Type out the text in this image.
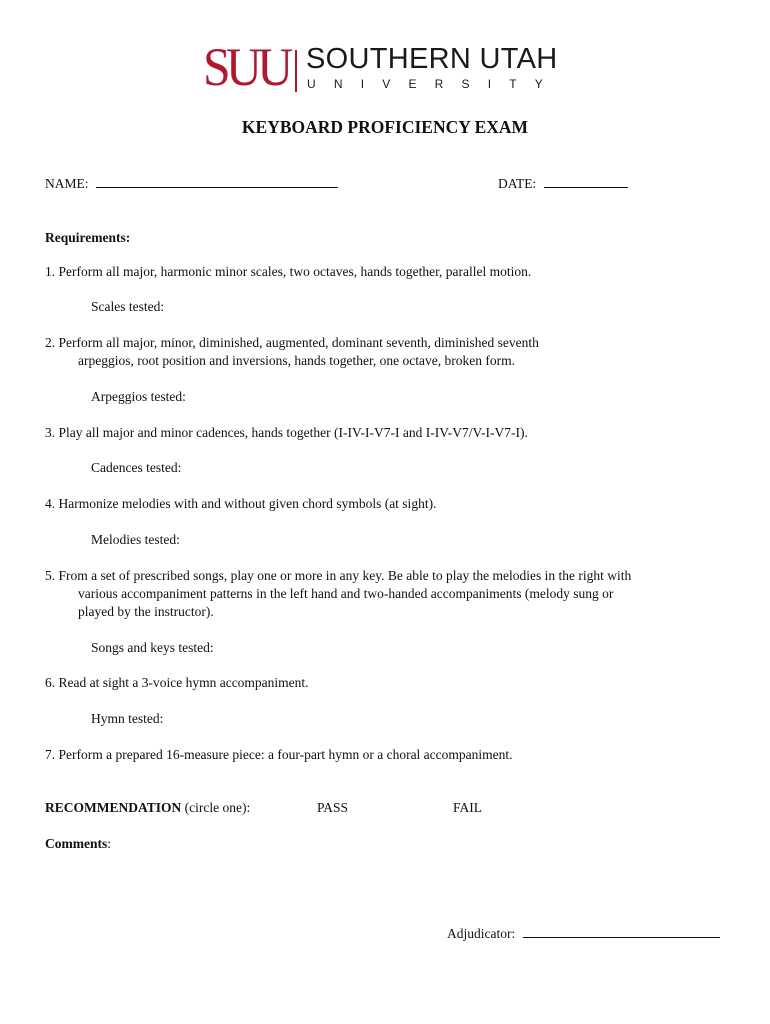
SUU SOUTHERN UTAH
UNIVERSITY
KEYBOARD PROFICIENCY EXAM
NAME:	DATE:
Requirements:
1. Perform all major, harmonic minor scales, two octaves, hands together, parallel motion.
Scales tested:
2. Perform all major, minor, diminished, augmented, dominant seventh, diminished seventh
arpeggios, root position and inversions, hands together, one octave, broken form.
Arpeggios tested:
3. Play all major and minor cadences, hands together (I-IV-I-V7-I and I-IV-V7/V-I-V7-I).
Cadences tested:
4. Harmonize melodies with and without given chord symbols (at sight).
Melodies tested:
5. From a set of prescribed songs, play one or more in any key. Be able to play the melodies in the right with
various accompaniment patterns in the left hand and two-handed accompaniments (melody sung or
played by the instructor).
Songs and keys tested:
6. Read at sight a 3-voice hymn accompaniment.
Hymn tested:
7. Perform a prepared 16-measure piece: a four-part hymn or a choral accompaniment.
RECOMMENDATION (circle one):	PASS	FAIL
Comments:
Adjudicator:
